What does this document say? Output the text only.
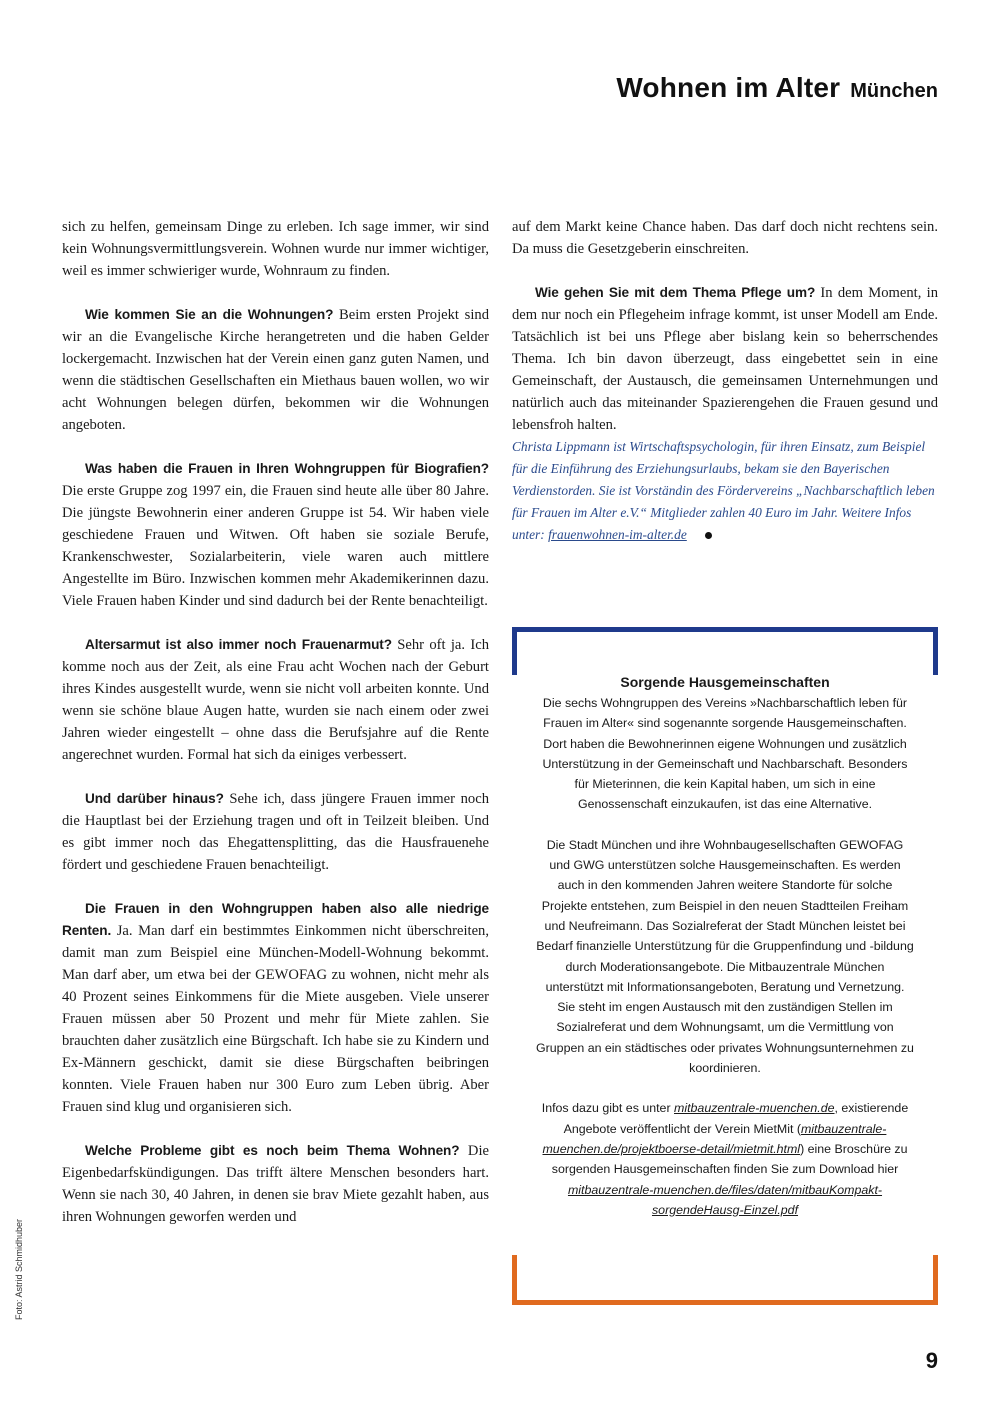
Wohnen im Alter München

sich zu helfen, gemeinsam Dinge zu erleben. Ich sage immer, wir sind kein Wohnungsvermittlungsverein. Wohnen wurde nur immer wichtiger, weil es immer schwieriger wurde, Wohnraum zu finden.

Wie kommen Sie an die Wohnungen? Beim ersten Projekt sind wir an die Evangelische Kirche herangetreten und die haben Gelder lockergemacht. Inzwischen hat der Verein einen ganz guten Namen, und wenn die städtischen Gesellschaften ein Miethaus bauen wollen, wo wir acht Wohnungen belegen dürfen, bekommen wir die Wohnungen angeboten.

Was haben die Frauen in Ihren Wohngruppen für Biografien? Die erste Gruppe zog 1997 ein, die Frauen sind heute alle über 80 Jahre. Die jüngste Bewohnerin einer anderen Gruppe ist 54. Wir haben viele geschiedene Frauen und Witwen. Oft haben sie soziale Berufe, Krankenschwester, Sozialarbeiterin, viele waren auch mittlere Angestellte im Büro. Inzwischen kommen mehr Akademikerinnen dazu. Viele Frauen haben Kinder und sind dadurch bei der Rente benachteiligt.

Altersarmut ist also immer noch Frauenarmut? Sehr oft ja. Ich komme noch aus der Zeit, als eine Frau acht Wochen nach der Geburt ihres Kindes ausgestellt wurde, wenn sie nicht voll arbeiten konnte. Und wenn sie schöne blaue Augen hatte, wurden sie nach einem oder zwei Jahren wieder eingestellt – ohne dass die Berufsjahre auf die Rente angerechnet wurden. Formal hat sich da einiges verbessert.

Und darüber hinaus? Sehe ich, dass jüngere Frauen immer noch die Hauptlast bei der Erziehung tragen und oft in Teilzeit bleiben. Und es gibt immer noch das Ehegattensplitting, das die Hausfrauenehe fördert und geschiedene Frauen benachteiligt.

Die Frauen in den Wohngruppen haben also alle niedrige Renten. Ja. Man darf ein bestimmtes Einkommen nicht überschreiten, damit man zum Beispiel eine München-Modell-Wohnung bekommt. Man darf aber, um etwa bei der GEWOFAG zu wohnen, nicht mehr als 40 Prozent seines Einkommens für die Miete ausgeben. Viele unserer Frauen müssen aber 50 Prozent und mehr für Miete zahlen. Sie brauchten daher zusätzlich eine Bürgschaft. Ich habe sie zu Kindern und Ex-Männern geschickt, damit sie diese Bürgschaften beibringen konnten. Viele Frauen haben nur 300 Euro zum Leben übrig. Aber Frauen sind klug und organisieren sich.

Welche Probleme gibt es noch beim Thema Wohnen? Die Eigenbedarfskündigungen. Das trifft ältere Menschen besonders hart. Wenn sie nach 30, 40 Jahren, in denen sie brav Miete gezahlt haben, aus ihren Wohnungen geworfen werden und

auf dem Markt keine Chance haben. Das darf doch nicht rechtens sein. Da muss die Gesetzgeberin einschreiten.

Wie gehen Sie mit dem Thema Pflege um? In dem Moment, in dem nur noch ein Pflegeheim infrage kommt, ist unser Modell am Ende. Tatsächlich ist bei uns Pflege aber bislang kein so beherrschendes Thema. Ich bin davon überzeugt, dass eingebettet sein in eine Gemeinschaft, der Austausch, die gemeinsamen Unternehmungen und natürlich auch das miteinander Spazierengehen die Frauen gesund und lebensfroh halten.

Christa Lippmann ist Wirtschaftspsychologin, für ihren Einsatz, zum Beispiel für die Einführung des Erziehungsurlaubs, bekam sie den Bayerischen Verdienstorden. Sie ist Vorständin des Fördervereins „Nachbarschaftlich leben für Frauen im Alter e.V.“ Mitglieder zahlen 40 Euro im Jahr. Weitere Infos unter: frauenwohnen-im-alter.de

Sorgende Hausgemeinschaften

Die sechs Wohngruppen des Vereins »Nachbarschaftlich leben für Frauen im Alter« sind sogenannte sorgende Hausgemeinschaften. Dort haben die Bewohnerinnen eigene Wohnungen und zusätzlich Unterstützung in der Gemeinschaft und Nachbarschaft. Besonders für Mieterinnen, die kein Kapital haben, um sich in eine Genossenschaft einzukaufen, ist das eine Alternative.

Die Stadt München und ihre Wohnbaugesellschaften GEWOFAG und GWG unterstützen solche Hausgemeinschaften. Es werden auch in den kommenden Jahren weitere Standorte für solche Projekte entstehen, zum Beispiel in den neuen Stadtteilen Freiham und Neufreimann. Das Sozialreferat der Stadt München leistet bei Bedarf finanzielle Unterstützung für die Gruppenfindung und -bildung durch Moderationsangebote. Die Mitbauzentrale München unterstützt mit Informationsangeboten, Beratung und Vernetzung. Sie steht im engen Austausch mit den zuständigen Stellen im Sozialreferat und dem Wohnungsamt, um die Vermittlung von Gruppen an ein städtisches oder privates Wohnungsunternehmen zu koordinieren.

Infos dazu gibt es unter mitbauzentrale-muenchen.de, existierende Angebote veröffentlicht der Verein MietMit (mitbauzentrale-muenchen.de/projektboerse-detail/mietmit.html) eine Broschüre zu sorgenden Hausgemeinschaften finden Sie zum Download hier mitbauzentrale-muenchen.de/files/daten/mitbauKompakt-sorgendeHausg-Einzel.pdf

Foto: Astrid Schmidhuber
9
